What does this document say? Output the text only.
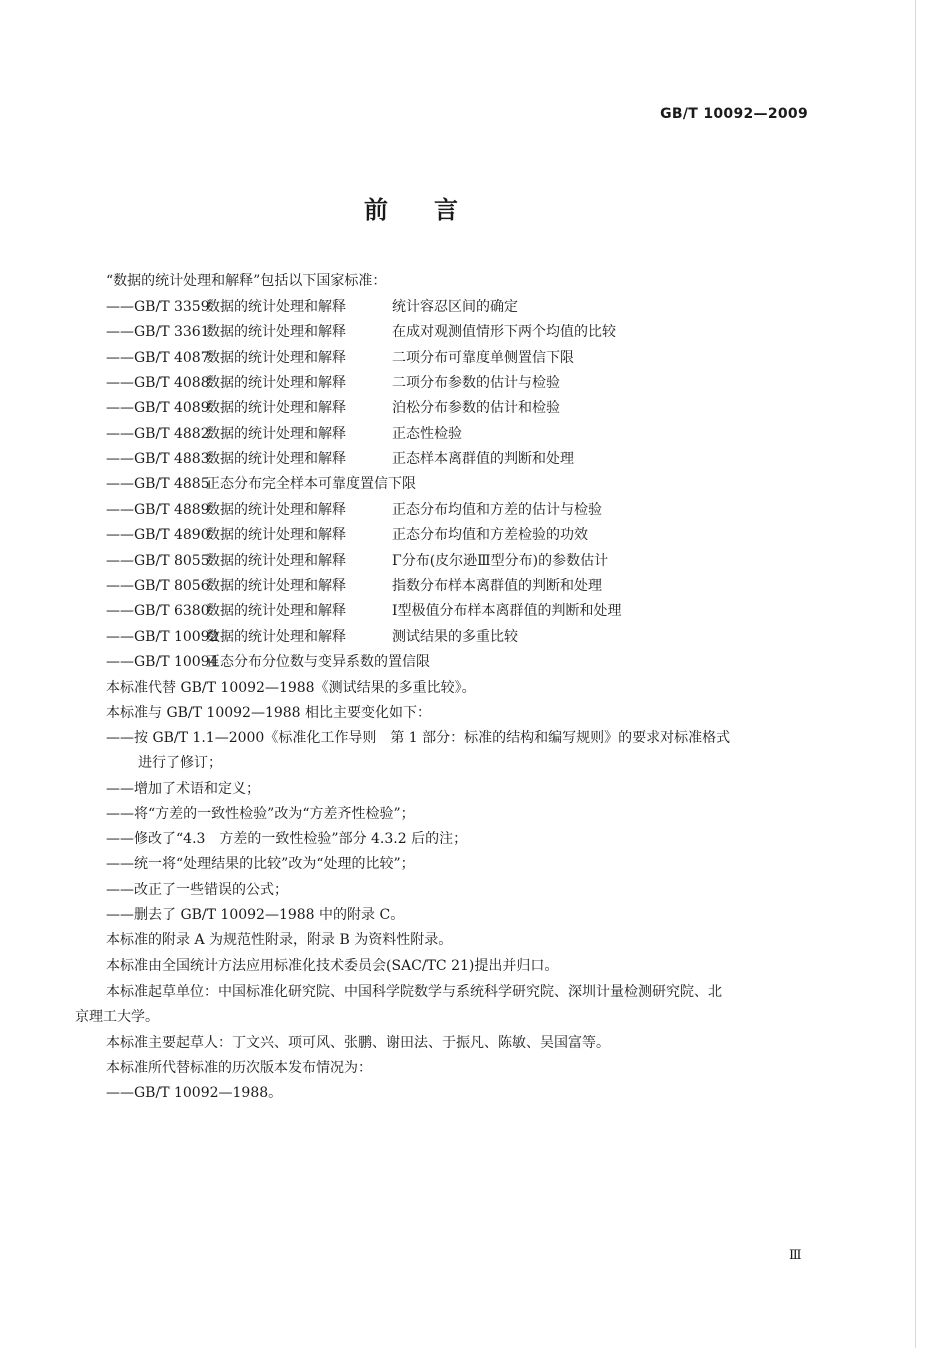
GB/T 10092—2009
前言
“数据的统计处理和解释”包括以下国家标准：
——GB/T 3359数据的统计处理和解释	统计容忍区间的确定
——GB/T 3361数据的统计处理和解释	在成对观测值情形下两个均值的比较
——GB/T 4087数据的统计处理和解释	二项分布可靠度单侧置信下限
——GB/T 4088数据的统计处理和解释	二项分布参数的估计与检验
——GB/T 4089数据的统计处理和解释	泊松分布参数的估计和检验
——GB/T 4882数据的统计处理和解释	正态性检验
——GB/T 4883数据的统计处理和解释	正态样本离群值的判断和处理
——GB/T 4885正态分布完全样本可靠度置信下限
——GB/T 4889数据的统计处理和解释	正态分布均值和方差的估计与检验
——GB/T 4890数据的统计处理和解释	正态分布均值和方差检验的功效
——GB/T 8055数据的统计处理和解释	Γ分布(皮尔逊Ⅲ型分布)的参数估计
——GB/T 8056数据的统计处理和解释	指数分布样本离群值的判断和处理
——GB/T 6380数据的统计处理和解释	Ⅰ型极值分布样本离群值的判断和处理
——GB/T 10092数据的统计处理和解释	测试结果的多重比较
——GB/T 10094正态分布分位数与变异系数的置信限
本标准代替 GB/T 10092—1988《测试结果的多重比较》。
本标准与 GB/T 10092—1988 相比主要变化如下：
——按 GB/T 1.1—2000《标准化工作导则　第 1 部分：标准的结构和编写规则》的要求对标准格式
进行了修订；
——增加了术语和定义；
——将“方差的一致性检验”改为“方差齐性检验”；
——修改了“4.3　方差的一致性检验”部分 4.3.2 后的注；
——统一将“处理结果的比较”改为“处理的比较”；
——改正了一些错误的公式；
——删去了 GB/T 10092—1988 中的附录 C。
本标准的附录 A 为规范性附录，附录 B 为资料性附录。
本标准由全国统计方法应用标准化技术委员会(SAC/TC 21)提出并归口。
本标准起草单位：中国标准化研究院、中国科学院数学与系统科学研究院、深圳计量检测研究院、北
京理工大学。
本标准主要起草人：丁文兴、项可风、张鹏、谢田法、于振凡、陈敏、吴国富等。
本标准所代替标准的历次版本发布情况为：
——GB/T 10092—1988。
Ⅲ
